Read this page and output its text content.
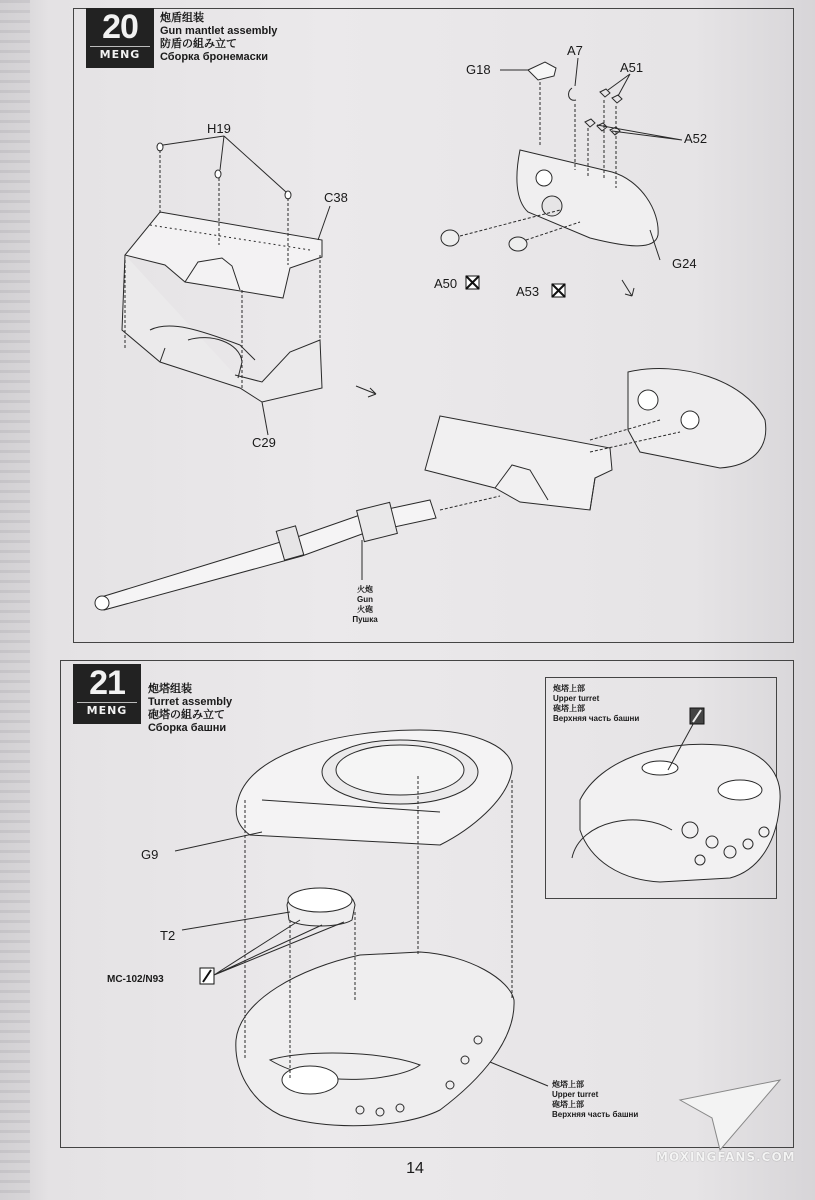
20
MENG
炮盾组装
Gun mantlet assembly
防盾の組み立て
Сборка бронемаски
H19
C38
C29
G18
A7
A51
A52
A50
A53
G24
火炮
Gun
火砲
Пушка
21
MENG
炮塔组装
Turret assembly
砲塔の組み立て
Сборка башни
炮塔上部
Upper turret
砲塔上部
Верхняя часть башни
G9
T2
MC-102/N93
炮塔上部
Upper turret
砲塔上部
Верхняя часть башни
14
MOXINGFANS.COM
